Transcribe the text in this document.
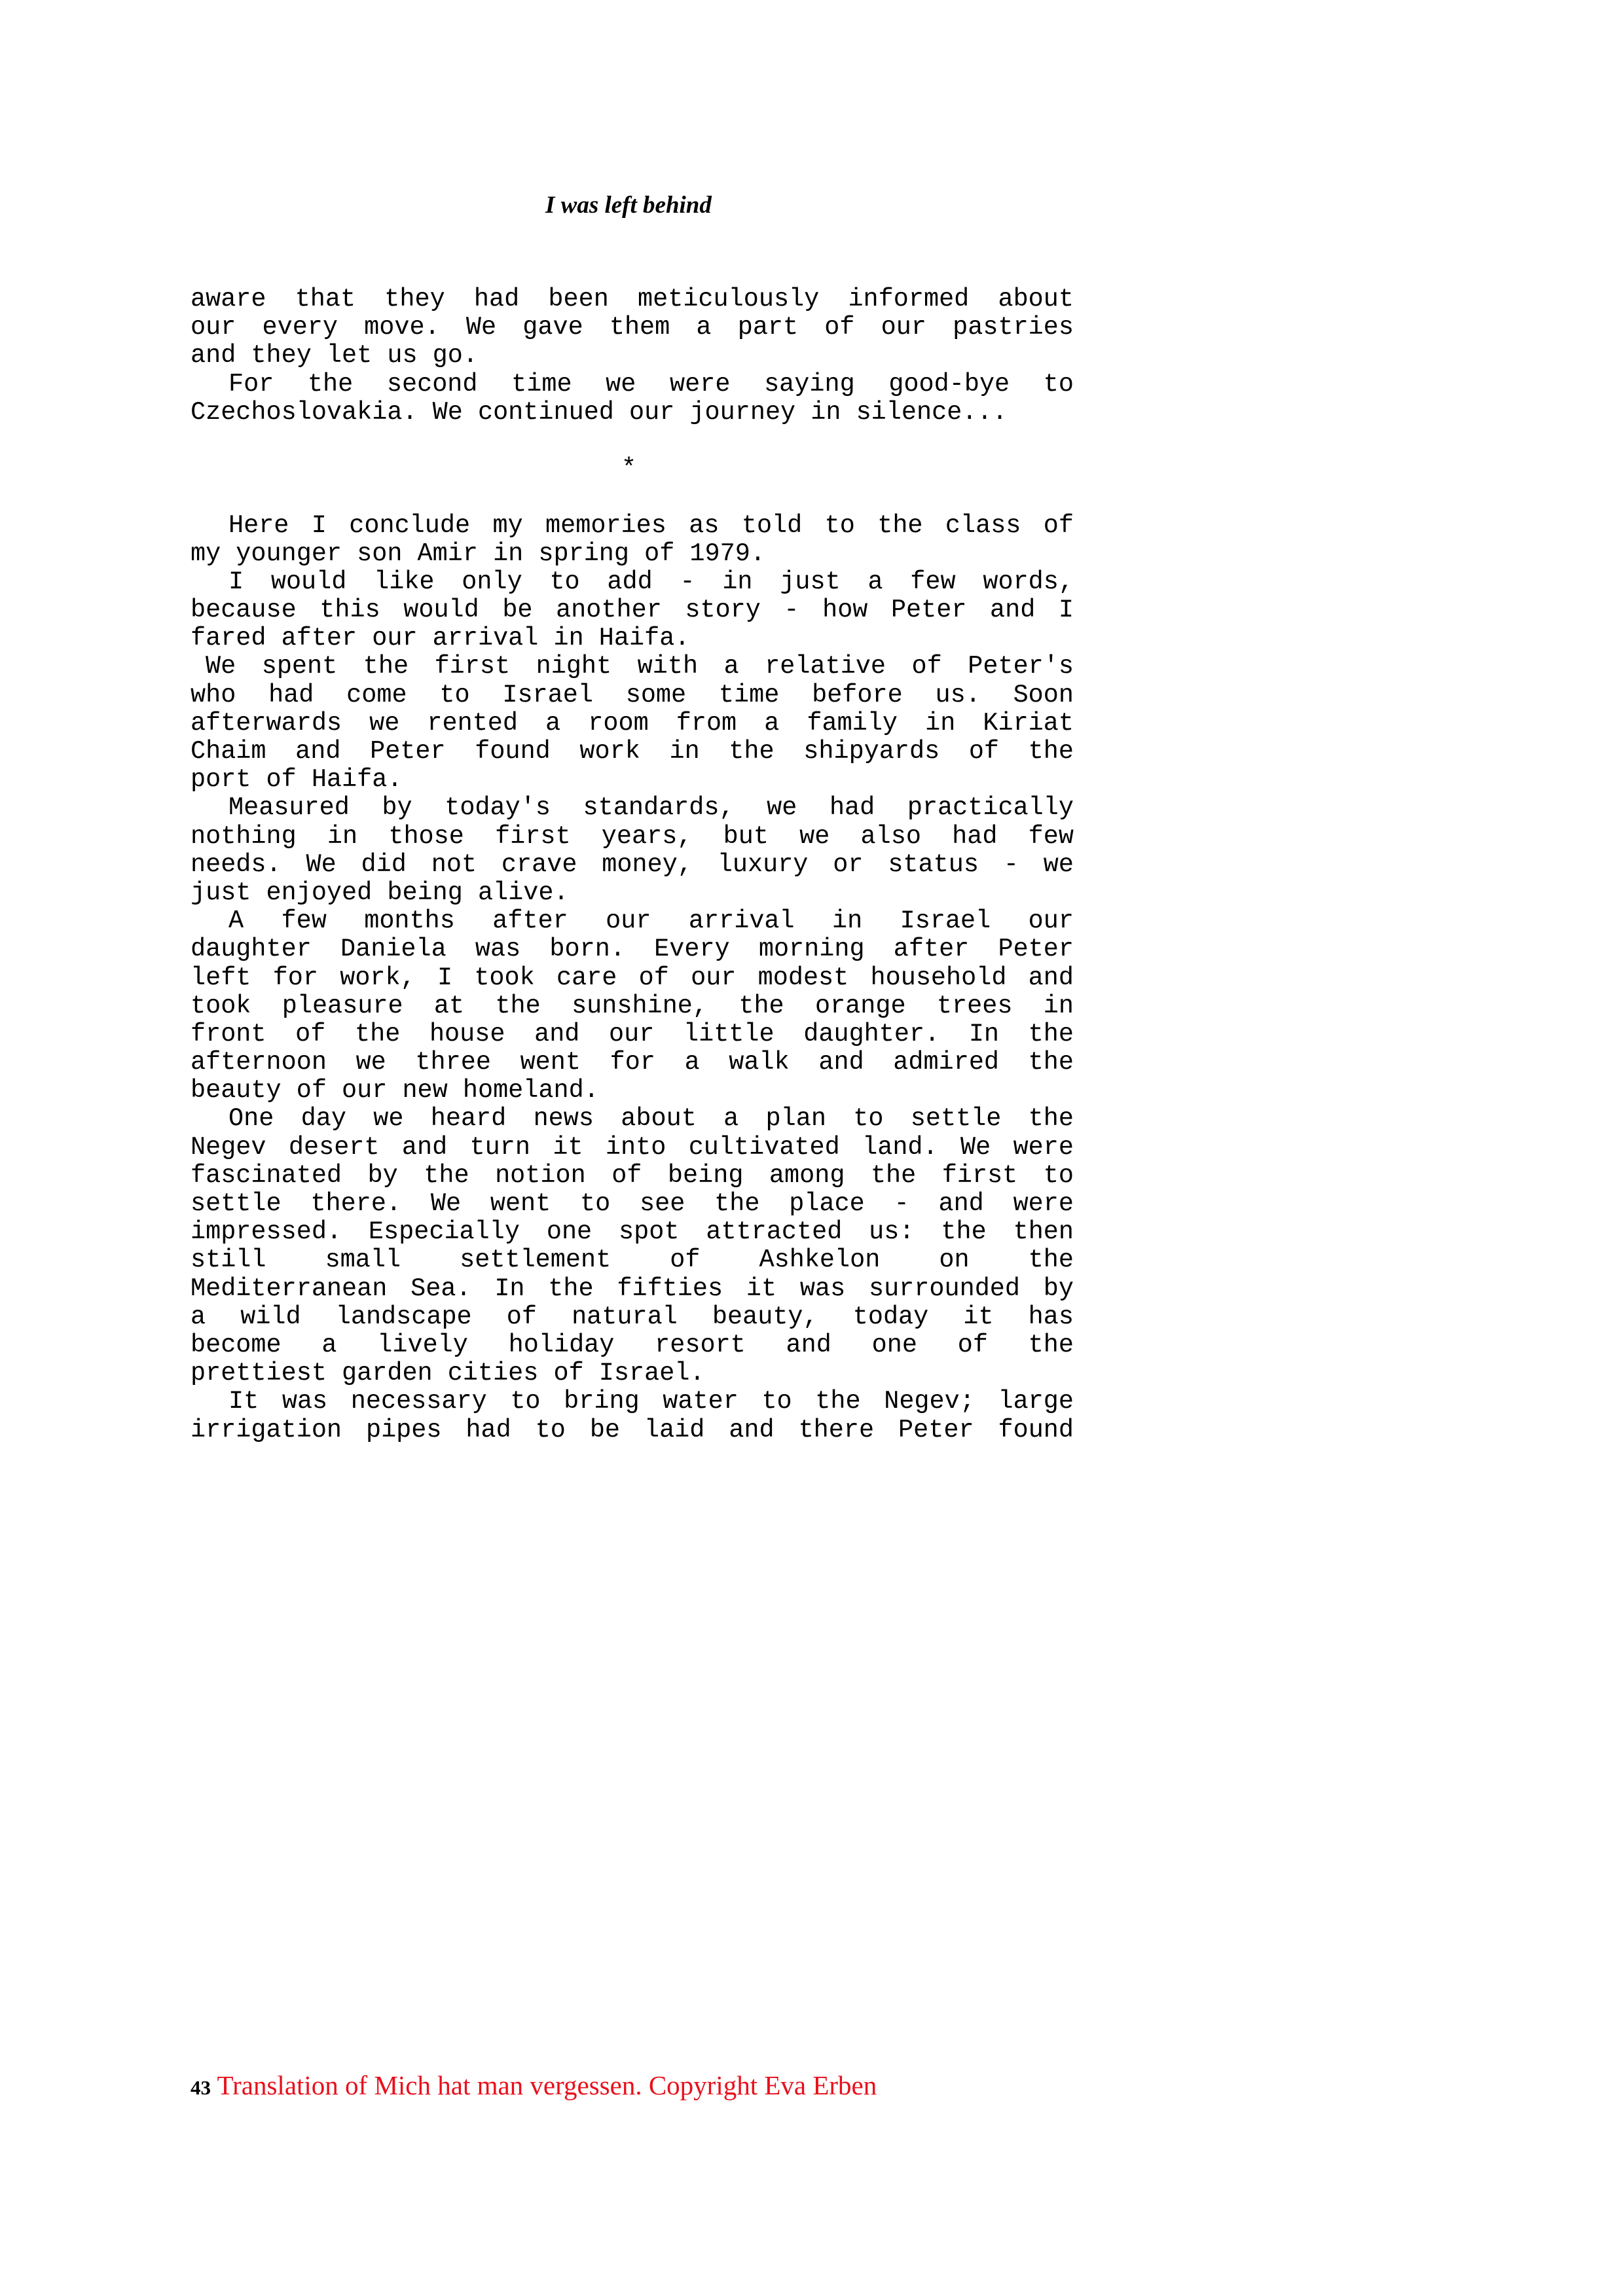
I was left behind
aware that they had been meticulously informed about
our every move. We gave them a part of our pastries
and they let us go.
For the second time we were saying good-bye to
Czechoslovakia. We continued our journey in silence...
*
Here I conclude my memories as told to the class of
my younger son Amir in spring of 1979.
I would like only to add - in just a few words,
because this would be another story - how Peter and I
fared after our arrival in Haifa.
We spent the first night with a relative of Peter's
who had come to Israel some time before us. Soon
afterwards we rented a room from a family in Kiriat
Chaim and Peter found work in the shipyards of the
port of Haifa.
Measured by today's standards, we had practically
nothing in those first years, but we also had few
needs. We did not crave money, luxury or status - we
just enjoyed being alive.
A few months after our arrival in Israel our
daughter Daniela was born. Every morning after Peter
left for work, I took care of our modest household and
took pleasure at the sunshine, the orange trees in
front of the house and our little daughter. In the
afternoon we three went for a walk and admired the
beauty of our new homeland.
One day we heard news about a plan to settle the
Negev desert and turn it into cultivated land. We were
fascinated by the notion of being among the first to
settle there. We went to see the place - and were
impressed. Especially one spot attracted us: the then
still small settlement of Ashkelon on the
Mediterranean Sea. In the fifties it was surrounded by
a wild landscape of natural beauty, today it has
become a lively holiday resort and one of the
prettiest garden cities of Israel.
It was necessary to bring water to the Negev; large
irrigation pipes had to be laid and there Peter found
43 Translation of Mich hat man vergessen. Copyright Eva Erben
